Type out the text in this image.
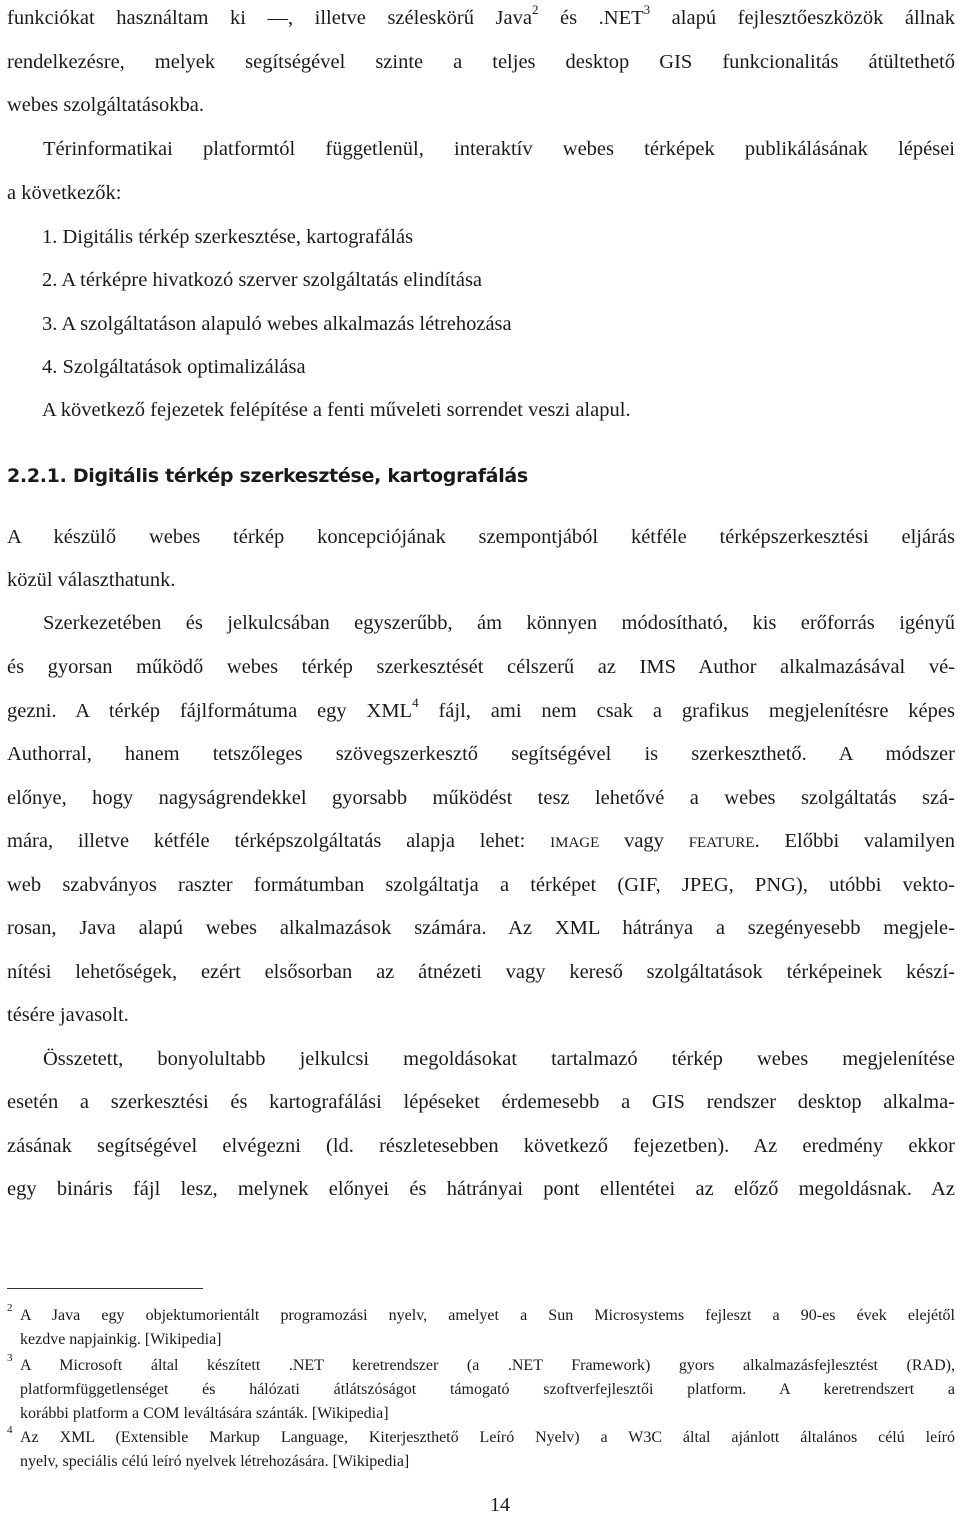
funkciókat használtam ki ―, illetve széleskörű Java$^2$ és .NET$^3$ alapú fejlesztőeszközök állnak
rendelkezésre, melyek segítségével szinte a teljes desktop GIS funkcionalitás átültethető
webes szolgáltatásokba.
Térinformatikai platformtól függetlenül, interaktív webes térképek publikálásának lépései
a következők:
1. Digitális térkép szerkesztése, kartografálás
2. A térképre hivatkozó szerver szolgáltatás elindítása
3. A szolgáltatáson alapuló webes alkalmazás létrehozása
4. Szolgáltatások optimalizálása
A következő fejezetek felépítése a fenti műveleti sorrendet veszi alapul.
2.2.1. Digitális térkép szerkesztése, kartografálás
A készülő webes térkép koncepciójának szempontjából kétféle térképszerkesztési eljárás
közül választhatunk.
Szerkezetében és jelkulcsában egyszerűbb, ám könnyen módosítható, kis erőforrás igényű
és gyorsan működő webes térkép szerkesztését célszerű az IMS Author alkalmazásával vé-
gezni. A térkép fájlformátuma egy XML$^4$ fájl, ami nem csak a grafikus megjelenítésre képes
Authorral, hanem tetszőleges szövegszerkesztő segítségével is szerkeszthető. A módszer
előnye, hogy nagyságrendekkel gyorsabb működést tesz lehetővé a webes szolgáltatás szá-
mára, illetve kétféle térképszolgáltatás alapja lehet: IMAGE vagy FEATURE. Előbbi valamilyen
web szabványos raszter formátumban szolgáltatja a térképet (GIF, JPEG, PNG), utóbbi vekto-
rosan, Java alapú webes alkalmazások számára. Az XML hátránya a szegényesebb megjele-
nítési lehetőségek, ezért elsősorban az átnézeti vagy kereső szolgáltatások térképeinek készí-
tésére javasolt.
Összetett, bonyolultabb jelkulcsi megoldásokat tartalmazó térkép webes megjelenítése
esetén a szerkesztési és kartografálási lépéseket érdemesebb a GIS rendszer desktop alkalma-
zásának segítségével elvégezni (ld. részletesebben következő fejezetben). Az eredmény ekkor
egy bináris fájl lesz, melynek előnyei és hátrányai pont ellentétei az előző megoldásnak. Az
2 A Java egy objektumorientált programozási nyelv, amelyet a Sun Microsystems fejleszt a 90-es évek elejétől
kezdve napjainkig. [Wikipedia]
3 A Microsoft által készített .NET keretrendszer (a .NET Framework) gyors alkalmazásfejlesztést (RAD),
platformfüggetlenséget és hálózati átlátszóságot támogató szoftverfejlesztői platform. A keretrendszert a
korábbi platform a COM leváltására szánták. [Wikipedia]
4 Az XML (Extensible Markup Language, Kiterjeszthető Leíró Nyelv) a W3C által ajánlott általános célú leíró
nyelv, speciális célú leíró nyelvek létrehozására. [Wikipedia]
14
